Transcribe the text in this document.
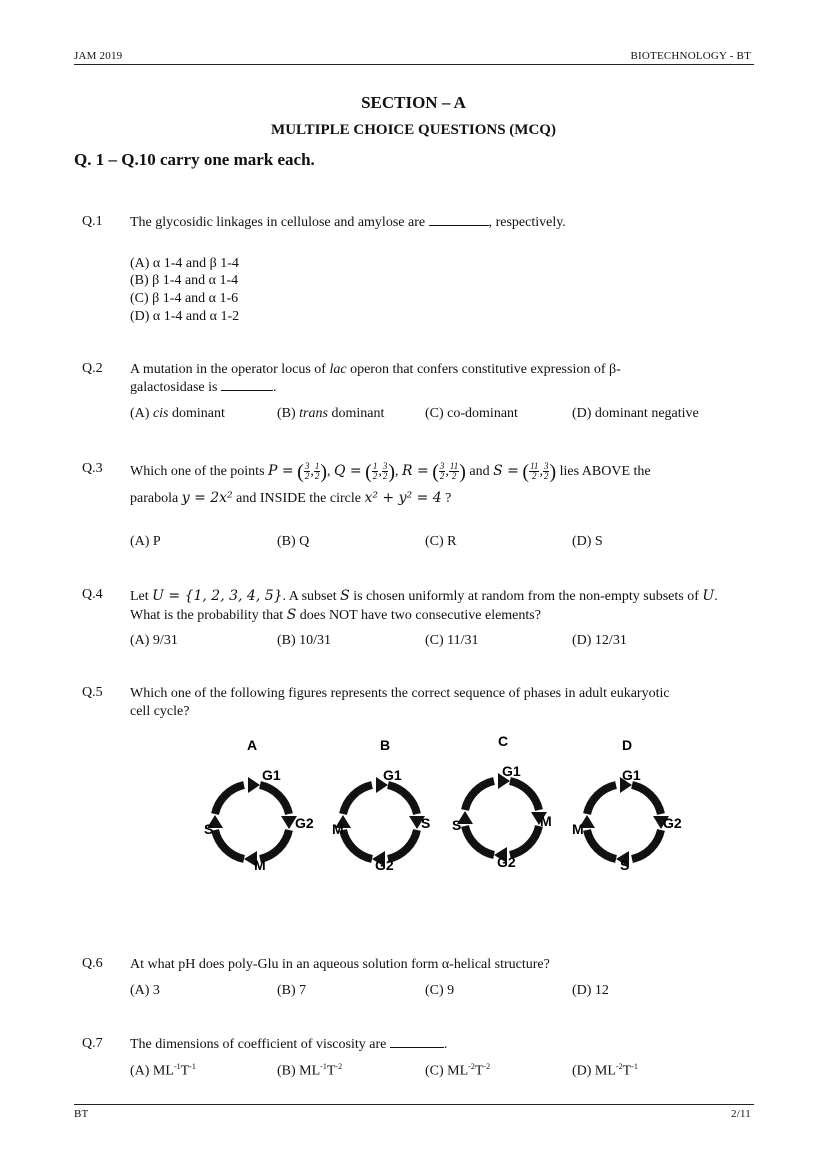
JAM 2019	BIOTECHNOLOGY - BT
SECTION – A
MULTIPLE CHOICE QUESTIONS (MCQ)
Q. 1 – Q.10 carry one mark each.
Q.1 The glycosidic linkages in cellulose and amylose are	, respectively.
(A) α 1-4 and β 1-4
(B) β 1-4 and α 1-4
(C) β 1-4 and α 1-6
(D) α 1-4 and α 1-2
Q.2 A mutation in the operator locus of lac operon that confers constitutive expression of β-
galactosidase is	.
(A) cis dominant	(B) trans dominant	(C) co-dominant	(D) dominant negative
Q.3 Which one of the points P = ( $\frac{3}{2}$ , $\frac{1}{2}$ ), Q = ( $\frac{1}{2}$ , $\frac{3}{2}$ ), R = ( $\frac{3}{2}$ , $\frac{11}{2}$ ) and S = ( $\frac{11}{2}$ , $\frac{3}{2}$ ) lies ABOVE the
parabola y = 2x² and INSIDE the circle x² + y² = 4 ?
(A) P	(B) Q	(C) R	(D) S
Q.4 Let U = {1, 2, 3, 4, 5}. A subset S is chosen uniformly at random from the non-empty subsets of U.
What is the probability that S does NOT have two consecutive elements?
(A) 9/31	(B) 10/31	(C) 11/31	(D) 12/31
Q.5 Which one of the following figures represents the correct sequence of phases in adult eukaryotic
cell cycle?
A
G1
G2
M
S
B
G1
S
G2
M
C
G1
M
G2
S
D
G1
G2
S
M
Q.6 At what pH does poly-Glu in an aqueous solution form α-helical structure?
(A) 3	(B) 7	(C) 9	(D) 12
Q.7 The dimensions of coefficient of viscosity are	.
(A) $ML^{-1}T^{-1}$	(B) $ML^{-1}T^{-2}$	(C) $ML^{-2}T^{-2}$	(D) $ML^{-2}T^{-1}$
BT	2/11
